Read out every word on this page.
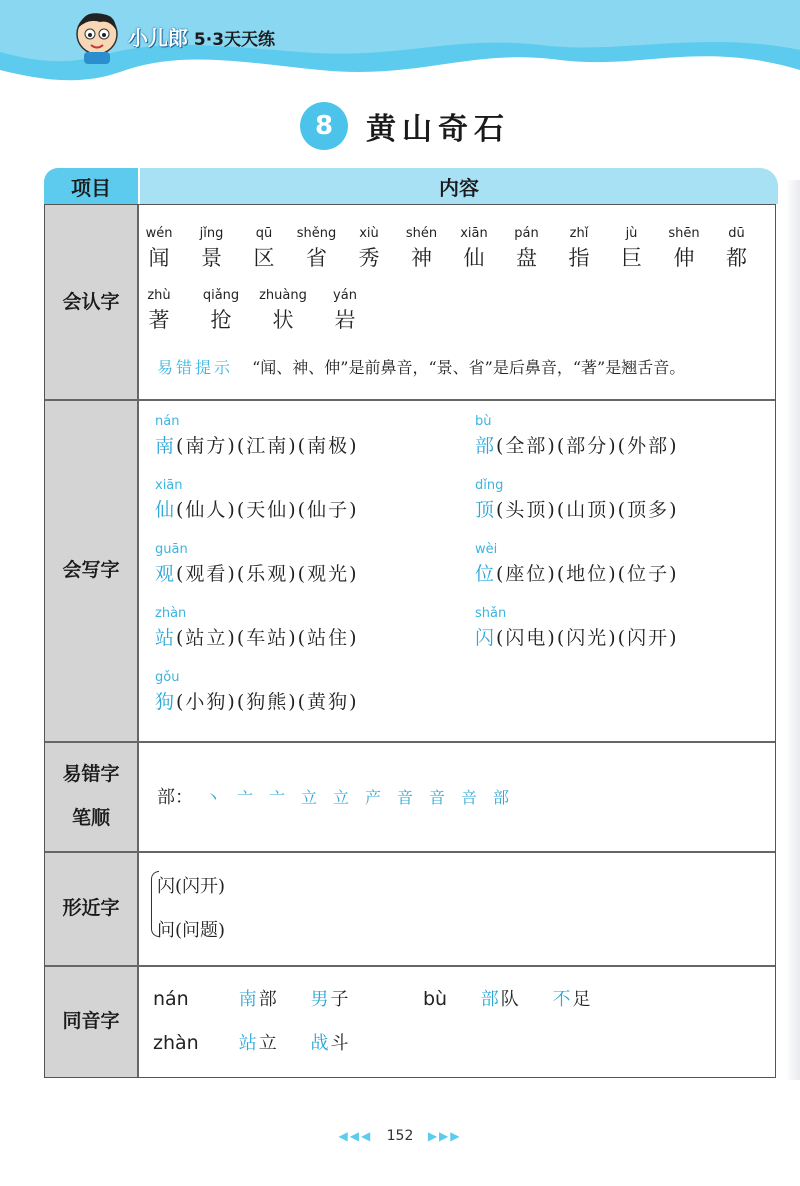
小儿郎 5·3天天练
8	黄山奇石
项目	内容
会认字
wén
闻
jǐng
景
qū
区
shěng
省
xiù
秀
shén
神
xiān
仙
pán
盘
zhǐ
指
jù
巨
shēn
伸
dū
都
zhù
著
qiǎng
抢
zhuàng
状
yán
岩
易错提示 “闻、神、伸”是前鼻音，“景、省”是后鼻音，“著”是翘舌音。
会写字
nán
南(南方)(江南)(南极)
bù
部(全部)(部分)(外部)
xiān
仙(仙人)(天仙)(仙子)
dǐng
顶(头顶)(山顶)(顶多)
guān
观(观看)(乐观)(观光)
wèi
位(座位)(地位)(位子)
zhàn
站(站立)(车站)(站住)
shǎn
闪(闪电)(闪光)(闪开)
gǒu
狗(小狗)(狗熊)(黄狗)
易错字
笔顺
部： 丶 亠 亠 立 立 产 音 音 咅 部
形近字
闪(闪开)
问(问题)
同音字
nán	南部 男子	bù 部队 不足
zhàn 站立 战斗
◀◀◀ 152 ▶▶▶
